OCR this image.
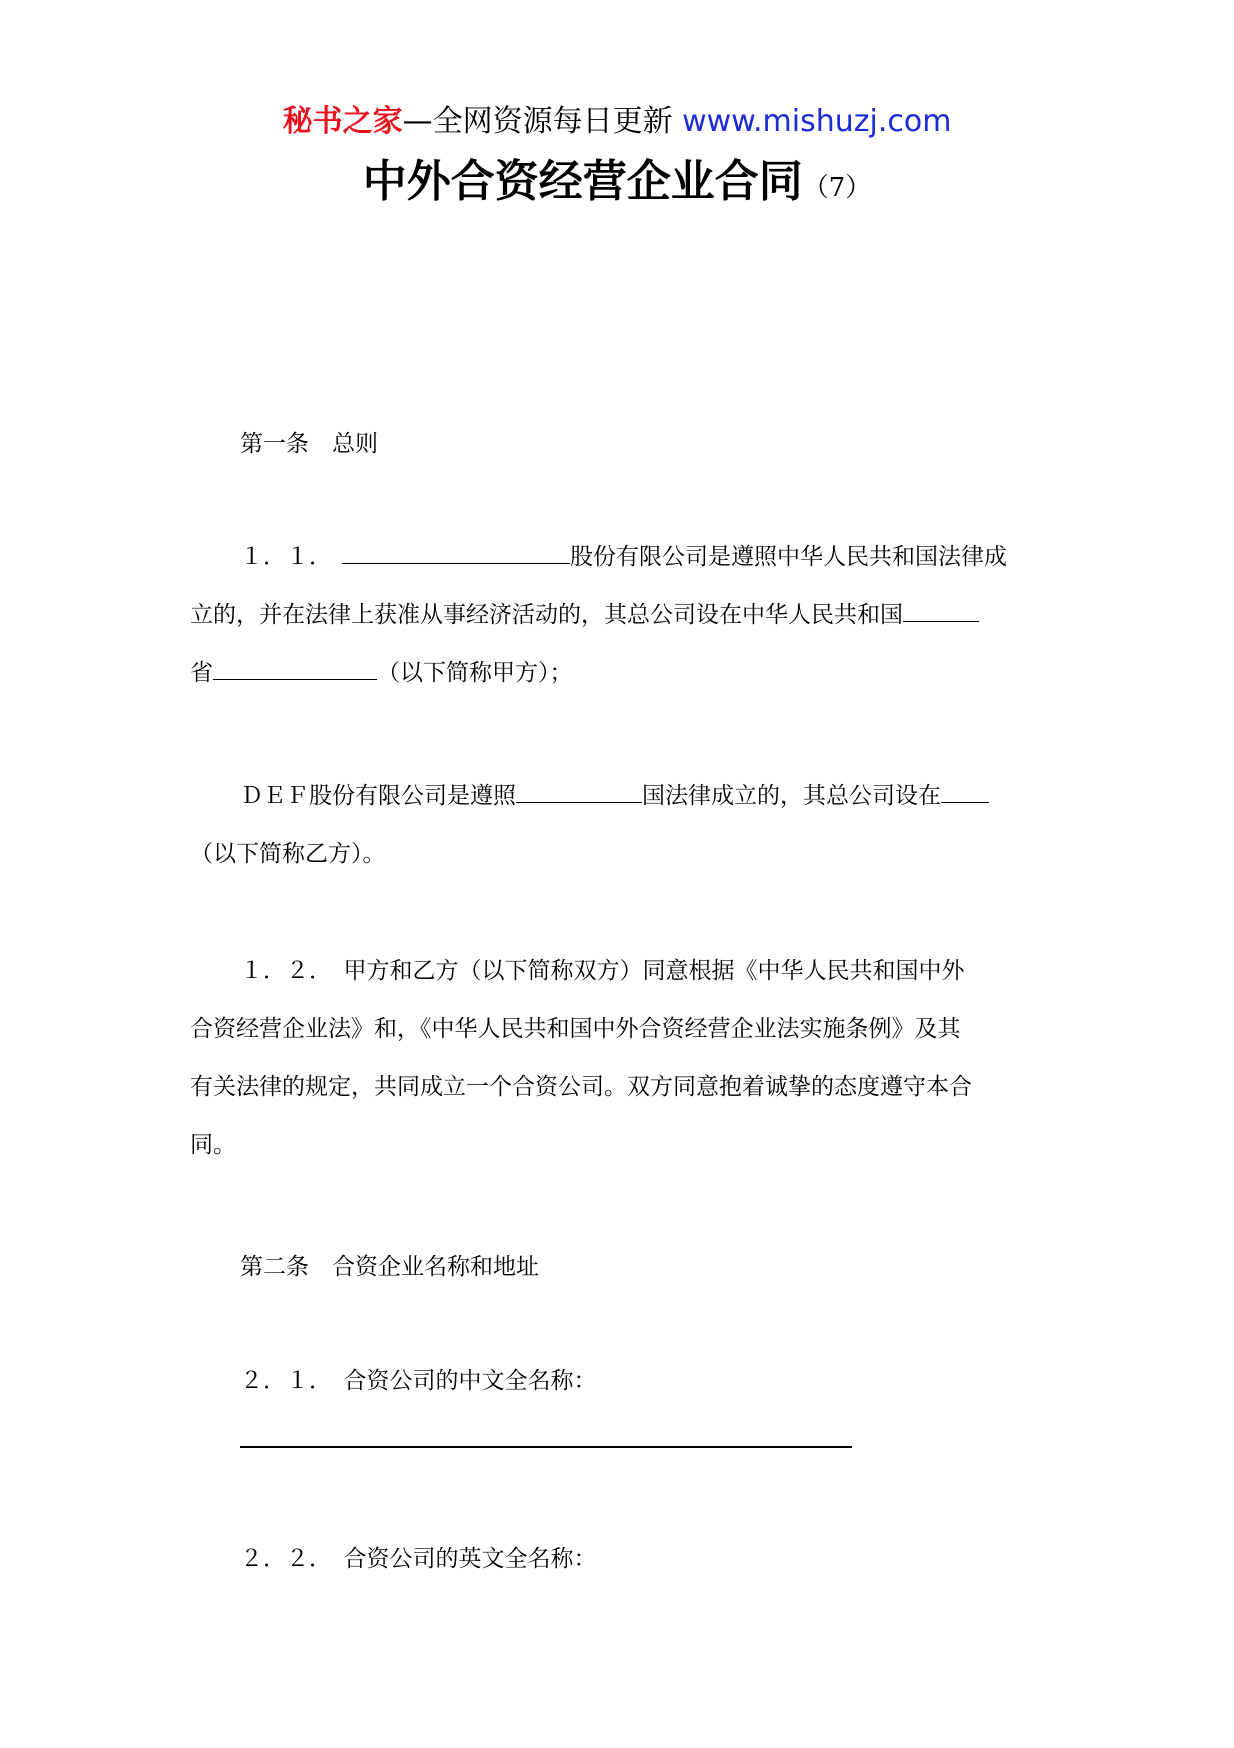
秘书之家—全网资源每日更新 www.mishuzj.com
中外合资经营企业合同（7）
第一条　总则
１．１．	股份有限公司是遵照中华人民共和国法律成
立的，并在法律上获准从事经济活动的，其总公司设在中华人民共和国
省	（以下简称甲方）；
ＤＥＦ股份有限公司是遵照	国法律成立的，其总公司设在
（以下简称乙方）。
１．２．　甲方和乙方（以下简称双方）同意根据《中华人民共和国中外
合资经营企业法》和，《中华人民共和国中外合资经营企业法实施条例》及其
有关法律的规定，共同成立一个合资公司。双方同意抱着诚挚的态度遵守本合
同。
第二条　合资企业名称和地址
２．１．　合资公司的中文全名称：
２．２．　合资公司的英文全名称：
